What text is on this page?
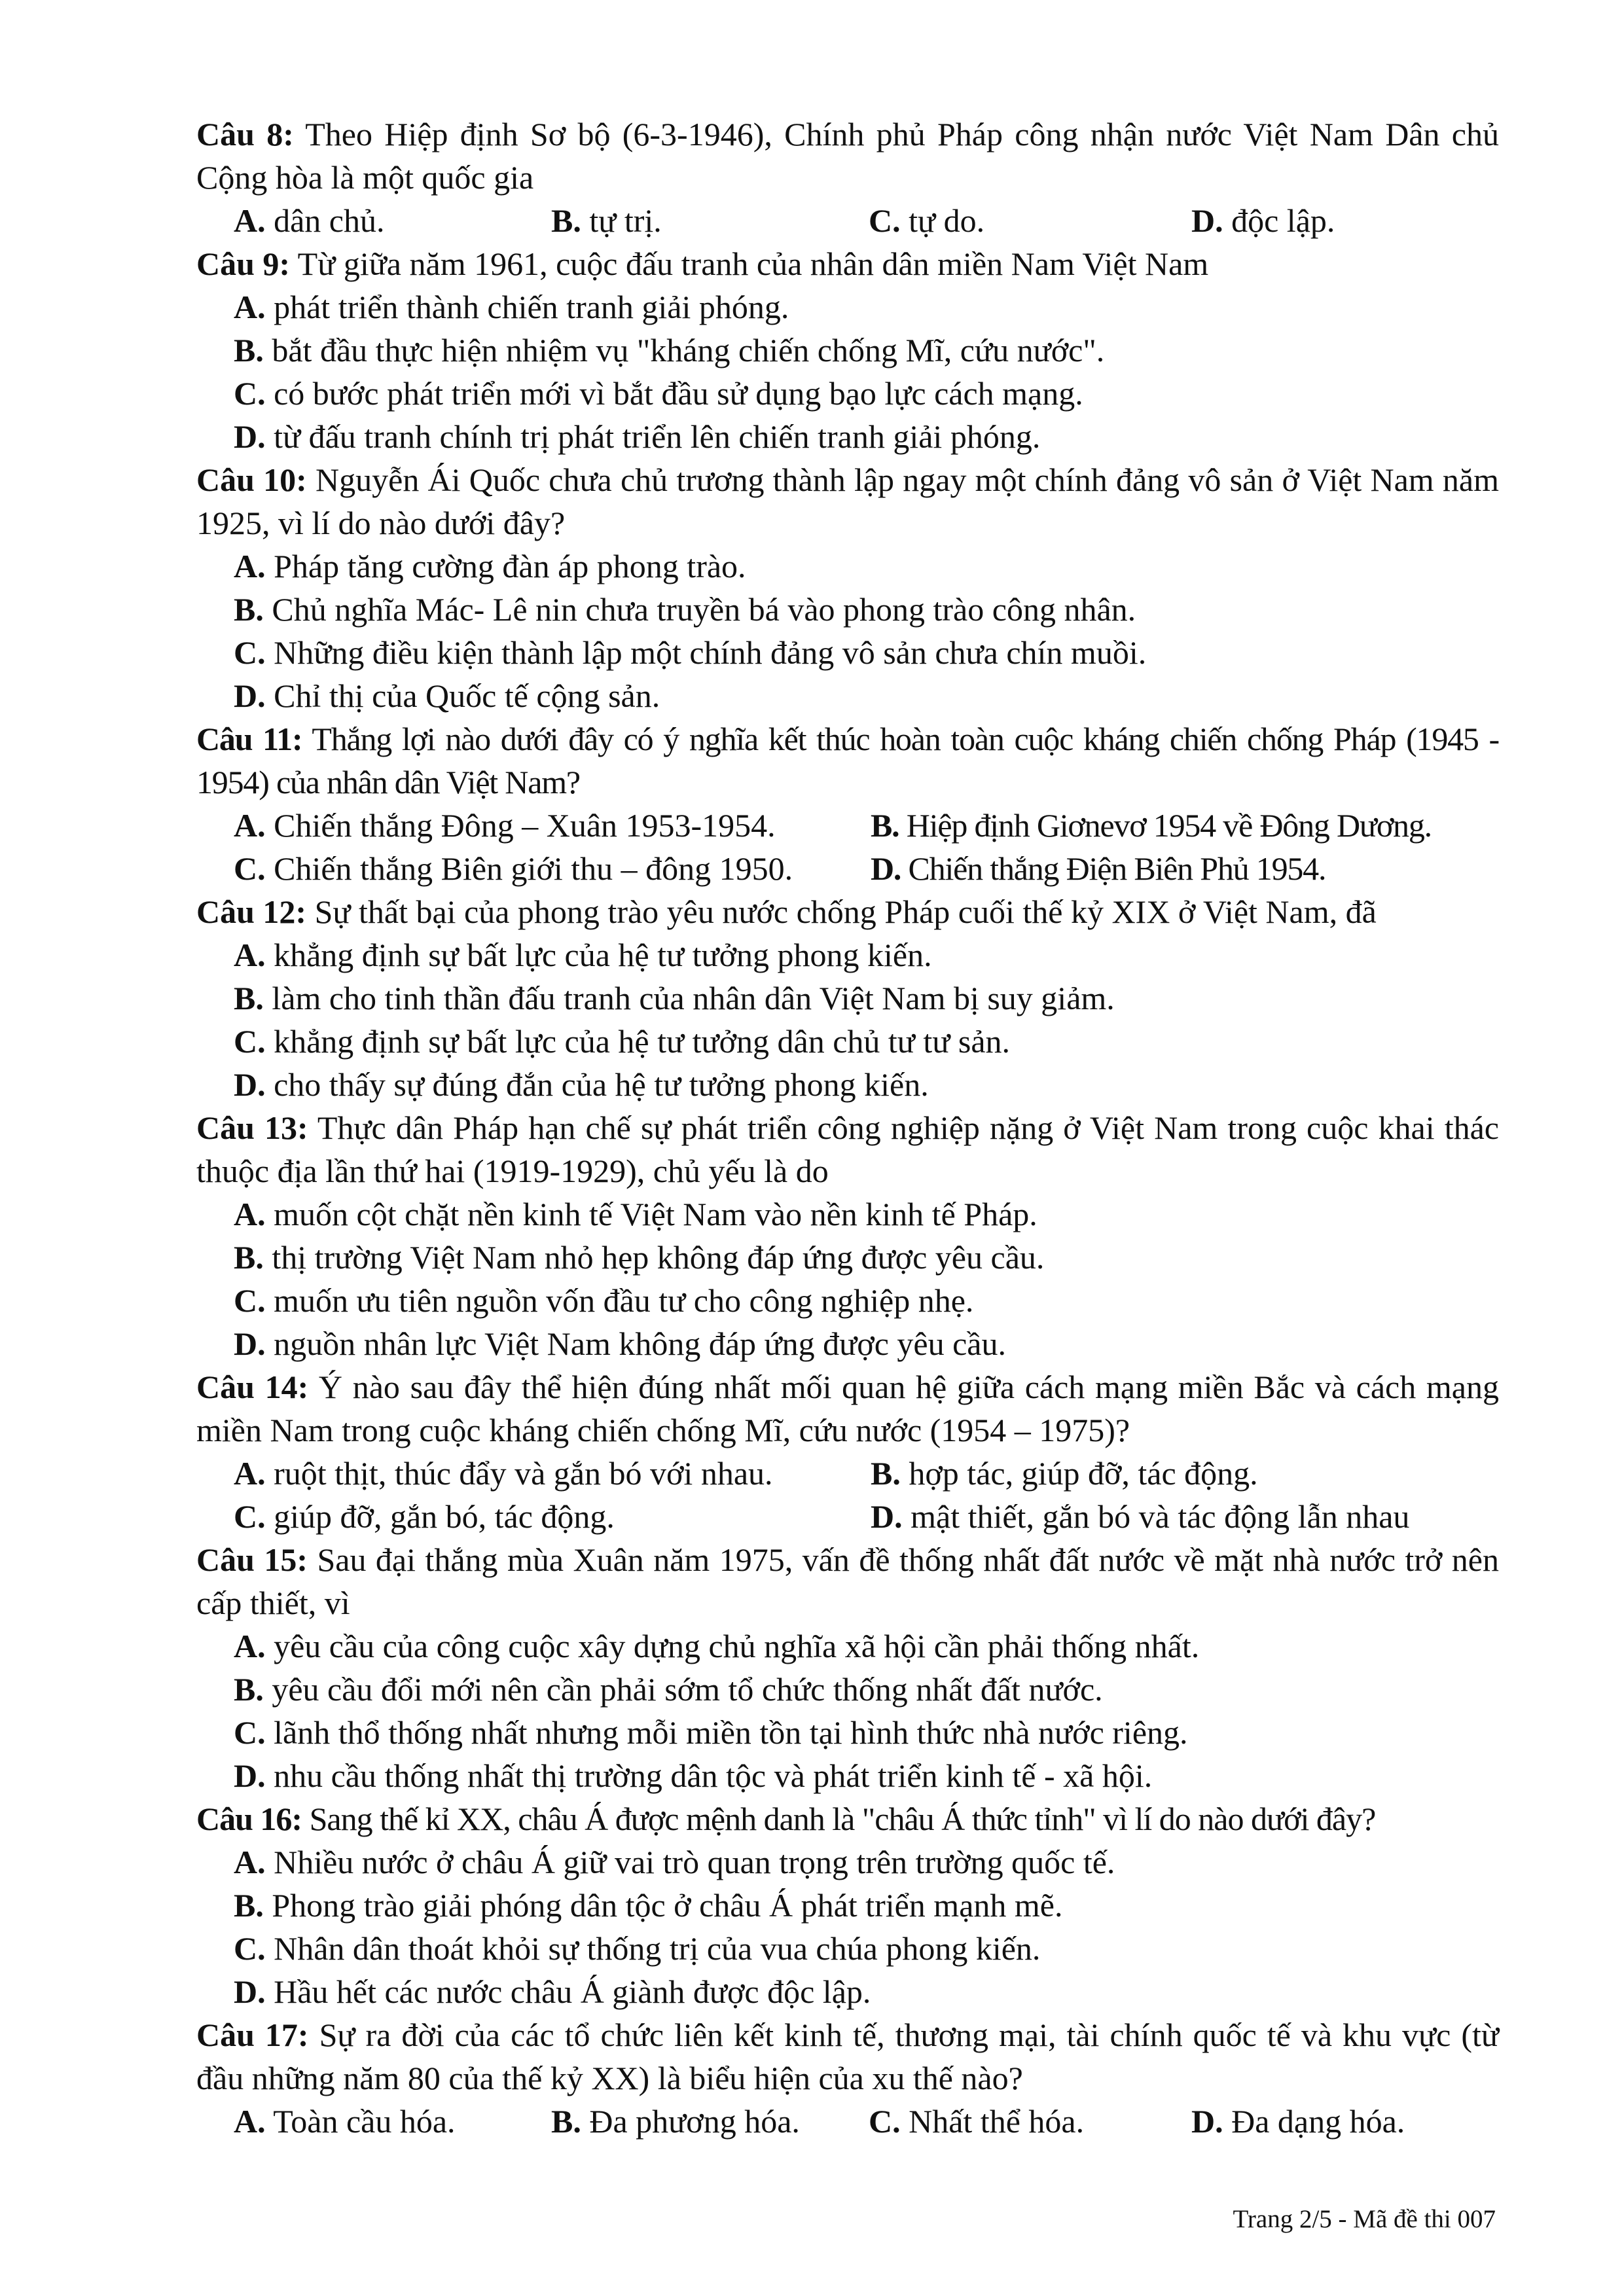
Câu 8: Theo Hiệp định Sơ bộ (6-3-1946), Chính phủ Pháp công nhận nước Việt Nam Dân chủ Cộng hòa là một quốc gia

A. dân chủ.	B. tự trị.	C. tự do.	D. độc lập.

Câu 9: Từ giữa năm 1961, cuộc đấu tranh của nhân dân miền Nam Việt Nam

A. phát triển thành chiến tranh giải phóng.

B. bắt đầu thực hiện nhiệm vụ "kháng chiến chống Mĩ, cứu nước".

C. có bước phát triển mới vì bắt đầu sử dụng bạo lực cách mạng.

D. từ đấu tranh chính trị phát triển lên chiến tranh giải phóng.

Câu 10: Nguyễn Ái Quốc chưa chủ trương thành lập ngay một chính đảng vô sản ở Việt Nam năm 1925, vì lí do nào dưới đây?

A. Pháp tăng cường đàn áp phong trào.

B. Chủ nghĩa Mác- Lê nin chưa truyền bá vào phong trào công nhân.

C. Những điều kiện thành lập một chính đảng vô sản chưa chín muồi.

D. Chỉ thị của Quốc tế cộng sản.

Câu 11: Thắng lợi nào dưới đây có ý nghĩa kết thúc hoàn toàn cuộc kháng chiến chống Pháp (1945 - 1954) của nhân dân Việt Nam?

A. Chiến thắng Đông – Xuân 1953-1954.	B. Hiệp định Giơnevơ 1954 về Đông Dương.
C. Chiến thắng Biên giới thu – đông 1950.	D. Chiến thắng Điện Biên Phủ 1954.

Câu 12: Sự thất bại của phong trào yêu nước chống Pháp cuối thế kỷ XIX ở Việt Nam, đã

A. khẳng định sự bất lực của hệ tư tưởng phong kiến.

B. làm cho tinh thần đấu tranh của nhân dân Việt Nam bị suy giảm.

C. khẳng định sự bất lực của hệ tư tưởng dân chủ tư tư sản.

D. cho thấy sự đúng đắn của hệ tư tưởng phong kiến.

Câu 13: Thực dân Pháp hạn chế sự phát triển công nghiệp nặng ở Việt Nam trong cuộc khai thác thuộc địa lần thứ hai (1919-1929), chủ yếu là do

A. muốn cột chặt nền kinh tế Việt Nam vào nền kinh tế Pháp.

B. thị trường Việt Nam nhỏ hẹp không đáp ứng được yêu cầu.

C. muốn ưu tiên nguồn vốn đầu tư cho công nghiệp nhẹ.

D. nguồn nhân lực Việt Nam không đáp ứng được yêu cầu.

Câu 14: Ý nào sau đây thể hiện đúng nhất mối quan hệ giữa cách mạng miền Bắc và cách mạng miền Nam trong cuộc kháng chiến chống Mĩ, cứu nước (1954 – 1975)?

A. ruột thịt, thúc đẩy và gắn bó với nhau.	B. hợp tác, giúp đỡ, tác động.
C. giúp đỡ, gắn bó, tác động.	D. mật thiết, gắn bó và tác động lẫn nhau

Câu 15: Sau đại thắng mùa Xuân năm 1975, vấn đề thống nhất đất nước về mặt nhà nước trở nên cấp thiết, vì

A. yêu cầu của công cuộc xây dựng chủ nghĩa xã hội cần phải thống nhất.

B. yêu cầu đổi mới nên cần phải sớm tổ chức thống nhất đất nước.

C. lãnh thổ thống nhất nhưng mỗi miền tồn tại hình thức nhà nước riêng.

D. nhu cầu thống nhất thị trường dân tộc và phát triển kinh tế - xã hội.

Câu 16: Sang thế kỉ XX, châu Á được mệnh danh là "châu Á thức tỉnh" vì lí do nào dưới đây?

A. Nhiều nước ở châu Á giữ vai trò quan trọng trên trường quốc tế.

B. Phong trào giải phóng dân tộc ở châu Á phát triển mạnh mẽ.

C. Nhân dân thoát khỏi sự thống trị của vua chúa phong kiến.

D. Hầu hết các nước châu Á giành được độc lập.

Câu 17: Sự ra đời của các tổ chức liên kết kinh tế, thương mại, tài chính quốc tế và khu vực (từ đầu những năm 80 của thế kỷ XX) là biểu hiện của xu thế nào?

A. Toàn cầu hóa.	B. Đa phương hóa.	C. Nhất thể hóa.	D. Đa dạng hóa.
Trang 2/5 - Mã đề thi 007
